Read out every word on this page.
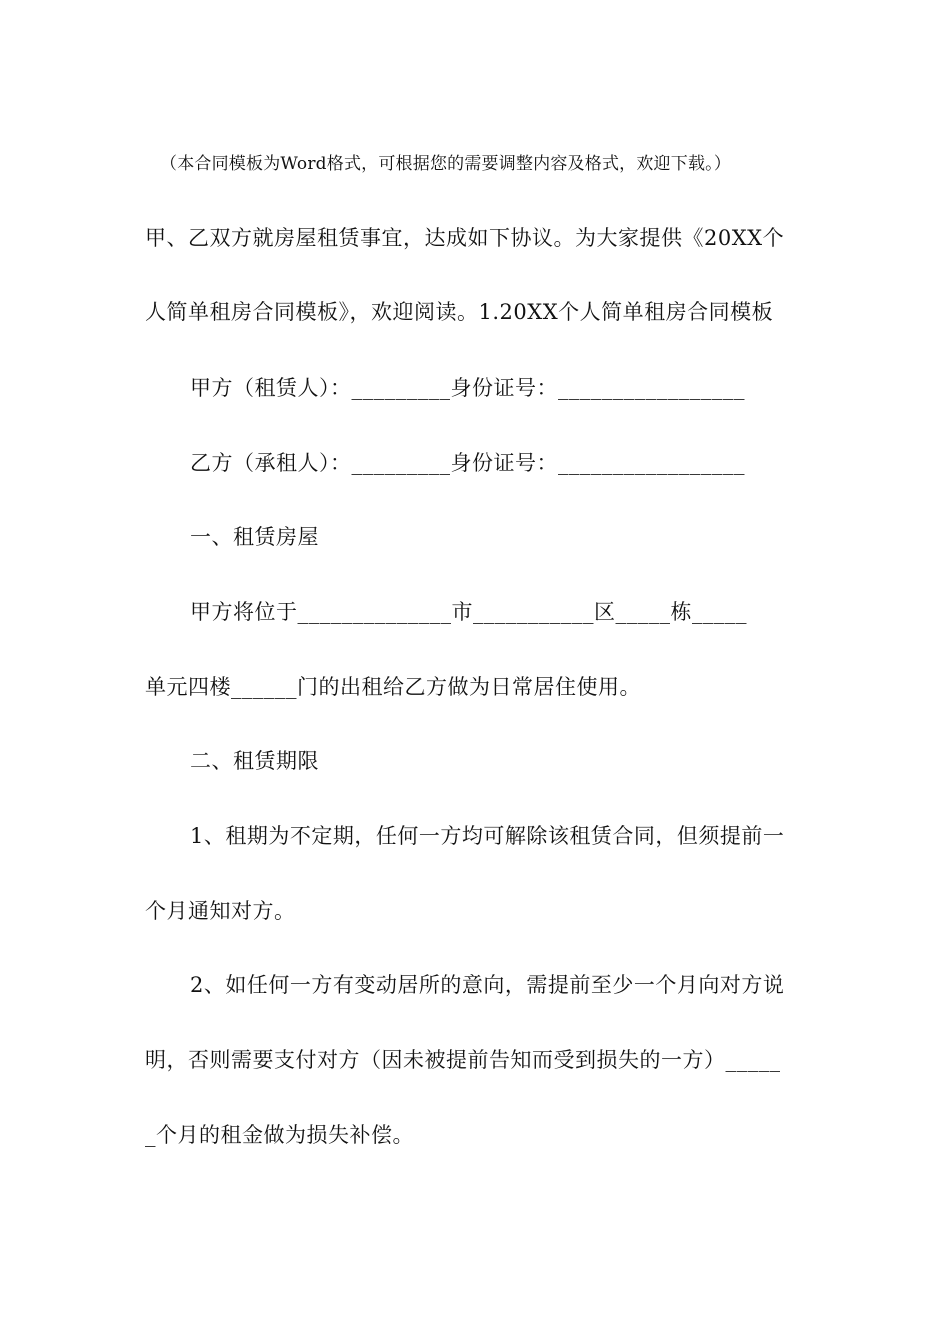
（本合同模板为Word格式，可根据您的需要调整内容及格式，欢迎下载。）
甲、乙双方就房屋租赁事宜，达成如下协议。为大家提供《20XX个
人简单租房合同模板》，欢迎阅读。1.20XX个人简单租房合同模板
甲方（租赁人）：_________身份证号：_________________
乙方（承租人）：_________身份证号：_________________
一、租赁房屋
甲方将位于______________市___________区_____栋_____
单元四楼______门的出租给乙方做为日常居住使用。
二、租赁期限
1、租期为不定期，任何一方均可解除该租赁合同，但须提前一
个月通知对方。
2、如任何一方有变动居所的意向，需提前至少一个月向对方说
明，否则需要支付对方（因未被提前告知而受到损失的一方）_____
_个月的租金做为损失补偿。
